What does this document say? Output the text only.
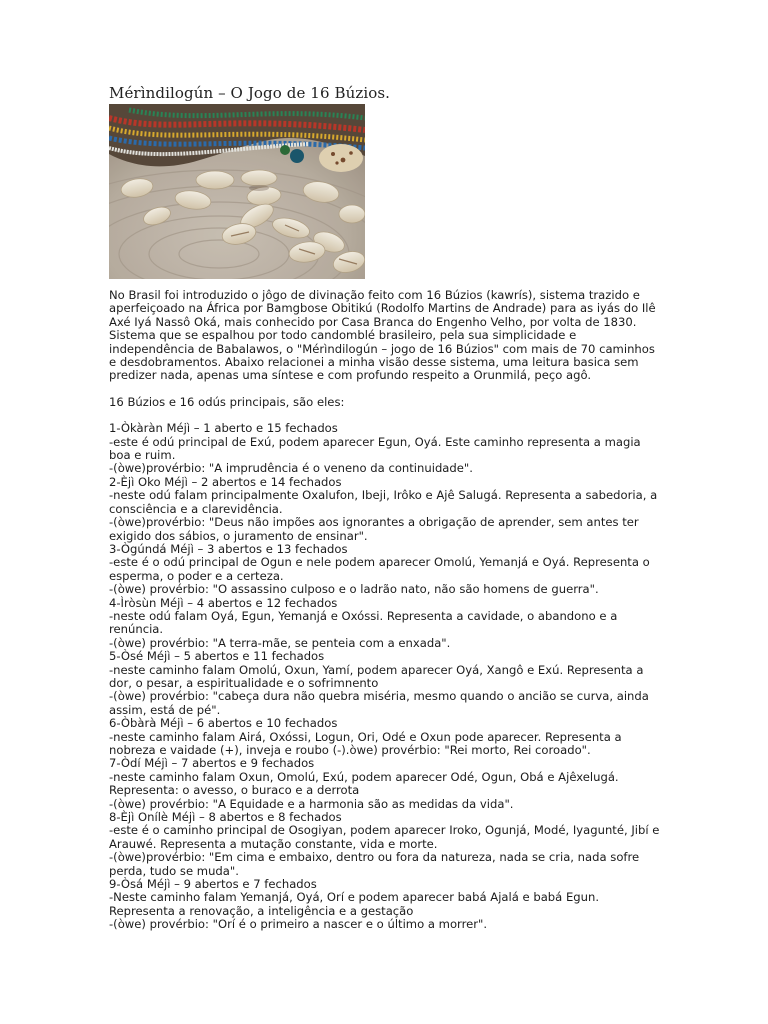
Mérìndilogún – O Jogo de 16 Búzios.

No Brasil foi introduzido o jôgo de divinação feito com 16 Búzios (kawrís), sistema trazido e aperfeiçoado na África por Bamgbose Obitikú (Rodolfo Martins de Andrade) para as iyás do Ilê Axé Iyá Nassô Oká, mais conhecido por Casa Branca do Engenho Velho, por volta de 1830. Sistema que se espalhou por todo candomblé brasileiro, pela sua simplicidade e independência de Babalawos, o "Mérìndilogún – jogo de 16 Búzios" com mais de 70 caminhos e desdobramentos. Abaixo relacionei a minha visão desse sistema, uma leitura basica sem predizer nada, apenas uma síntese e com profundo respeito a Orunmilá, peço agô.

16 Búzios e 16 odús principais, são eles:

1-Òkàràn Méjì – 1 aberto e 15 fechados
-este é odú principal de Exú, podem aparecer Egun, Oyá. Este caminho representa a magia boa e ruim.
-(òwe)provérbio: "A imprudência é o veneno da continuidade".
2-Èjì Oko Méjì – 2 abertos e 14 fechados
-neste odú falam principalmente Oxalufon, Ibeji, Irôko e Ajê Salugá. Representa a sabedoria, a consciência e a clarevidência.
-(òwe)provérbio: "Deus não impões aos ignorantes a obrigação de aprender, sem antes ter exigido dos sábios, o juramento de ensinar".
3-Ògúndá Méjì – 3 abertos e 13 fechados
-este é o odú principal de Ogun e nele podem aparecer Omolú, Yemanjá e Oyá. Representa o esperma, o poder e a certeza.
-(òwe) provérbio: "O assassino culposo e o ladrão nato, não são homens de guerra".
4-Ìròsùn Méjì – 4 abertos e 12 fechados
-neste odú falam Oyá, Egun, Yemanjá e Oxóssi. Representa a cavidade, o abandono e a renúncia.
-(òwe) provérbio: "A terra-mãe, se penteia com a enxada".
5-Òsé Méjì – 5 abertos e 11 fechados
-neste caminho falam Omolú, Oxun, Yamí, podem aparecer Oyá, Xangô e Exú. Representa a dor, o pesar, a espiritualidade e o sofrimnento
-(òwe) provérbio: "cabeça dura não quebra miséria, mesmo quando o ancião se curva, ainda assim, está de pé".
6-Òbàrà Méjì – 6 abertos e 10 fechados
-neste caminho falam Airá, Oxóssi, Logun, Ori, Odé e Oxun pode aparecer. Representa a nobreza e vaidade (+), inveja e roubo (-).òwe) provérbio: "Rei morto, Rei coroado".
7-Òdí Méjì – 7 abertos e 9 fechados
-neste caminho falam Oxun, Omolú, Exú, podem aparecer Odé, Ogun, Obá e Ajêxelugá. Representa: o avesso, o buraco e a derrota
-(òwe) provérbio: "A Equidade e a harmonia são as medidas da vida".
8-Èjì Onílè Méjì – 8 abertos e 8 fechados
-este é o caminho principal de Osogiyan, podem aparecer Iroko, Ogunjá, Modé, Iyagunté, Jibí e Arauwé. Representa a mutação constante, vida e morte.
-(òwe)provérbio: "Em cima e embaixo, dentro ou fora da natureza, nada se cria, nada sofre perda, tudo se muda".
9-Òsá Méjì – 9 abertos e 7 fechados
-Neste caminho falam Yemanjá, Oyá, Orí e podem aparecer babá Ajalá e babá Egun. Representa a renovação, a inteligência e a gestação
-(òwe) provérbio: "Orí é o primeiro a nascer e o último a morrer".
